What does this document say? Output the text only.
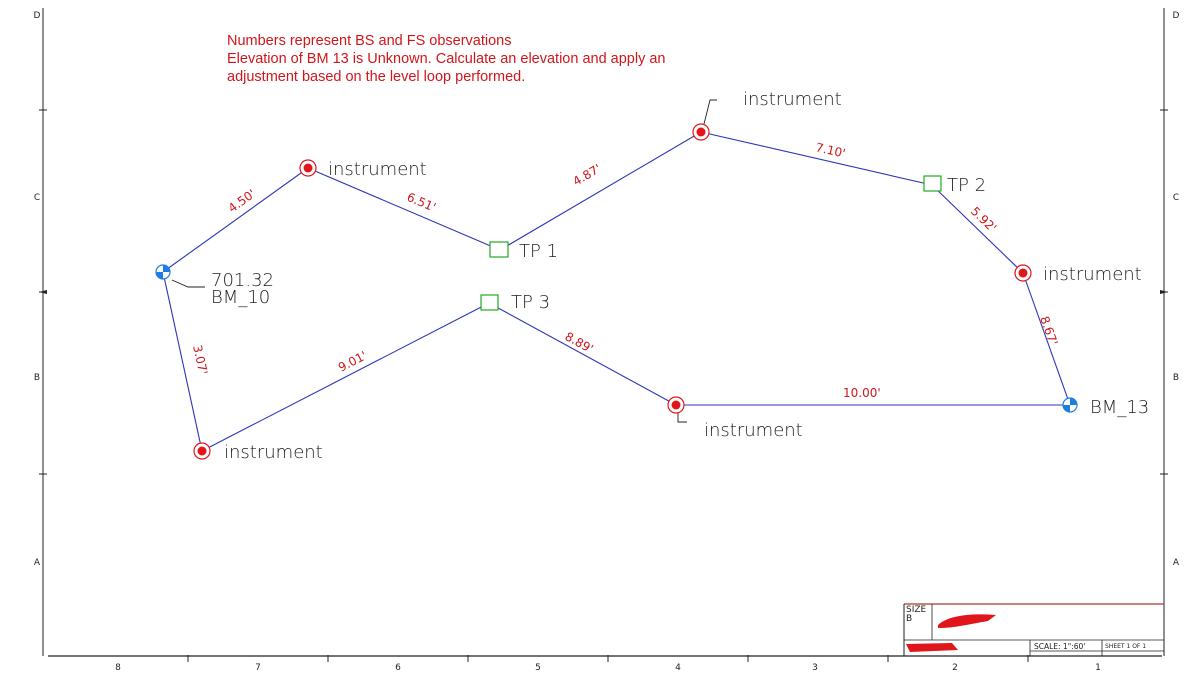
Numbers represent BS and FS observations
Elevation of BM 13 is Unknown. Calculate an elevation and apply an
adjustment based on the level loop performed.
D
C
B
A
D
C
B
A
8	7	6	5	4	3	2	1
instrument
instrument
instrument
instrument
instrument
TP 1
TP 2
TP 3
BM_13
701.32
BM_10
4.50'	6.51'
4.87'
7.10'
5.92'
8.67'
10.00'
8.89'
9.01'
3.07'
SIZE
B
SCALE: 1":60'	SHEET 1 OF 1
